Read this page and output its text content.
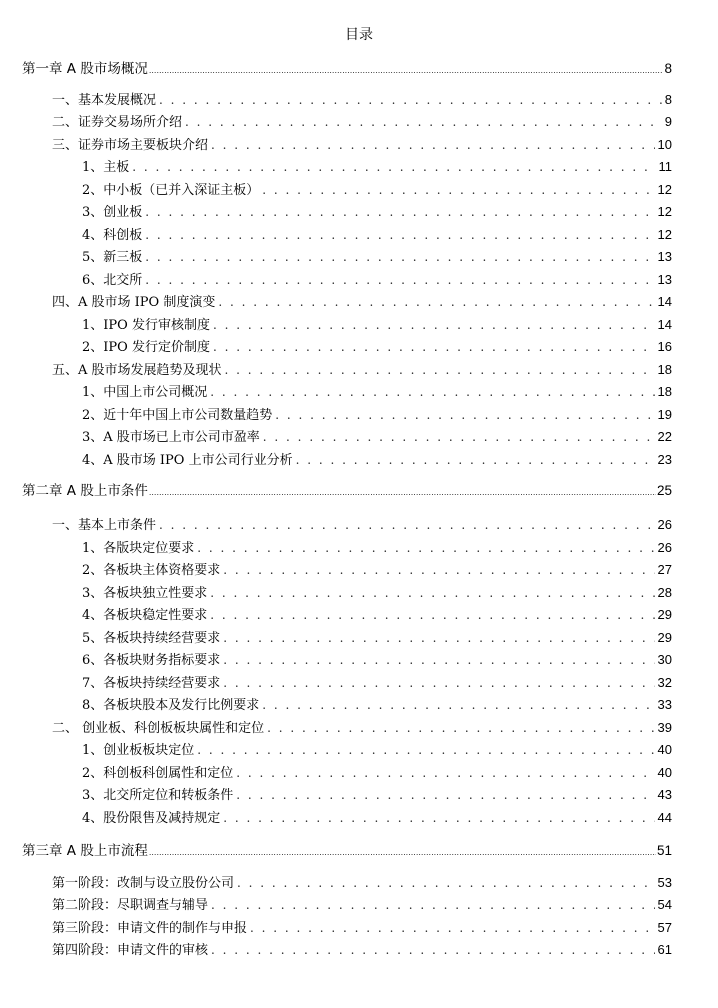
目录
第一章 A 股市场概况 .....	8
一、基本发展概况 . . .	8
二、证券交易场所介绍 . . .	9
三、证券市场主要板块介绍 . . .	10
1、主板 . . .	11
2、中小板（已并入深证主板） . . .	12
3、创业板 . . .	12
4、科创板 . . .	12
5、新三板 . . .	13
6、北交所 . . .	13
四、A 股市场 IPO 制度演变 . . .	14
1、IPO 发行审核制度 . . .	14
2、IPO 发行定价制度 . . .	16
五、A 股市场发展趋势及现状 . . .	18
1、中国上市公司概况 . . .	18
2、近十年中国上市公司数量趋势 . . .	19
3、A 股市场已上市公司市盈率 . . .	22
4、A 股市场 IPO 上市公司行业分析 . . .	23
第二章 A 股上市条件 .....	25
一、基本上市条件 . . .	26
1、各版块定位要求 . . .	26
2、各板块主体资格要求 . . .	27
3、各板块独立性要求 . . .	28
4、各板块稳定性要求 . . .	29
5、各板块持续经营要求 . . .	29
6、各板块财务指标要求 . . .	30
7、各板块持续经营要求 . . .	32
8、各板块股本及发行比例要求 . . .	33
二、 创业板、科创板板块属性和定位 . . .	39
1、创业板板块定位 . . .	40
2、科创板科创属性和定位 . . .	40
3、北交所定位和转板条件 . . .	43
4、股份限售及减持规定 . . .	44
第三章 A 股上市流程 .....	51
第一阶段：改制与设立股份公司 . . .	53
第二阶段：尽职调查与辅导 . . .	54
第三阶段：申请文件的制作与申报 . . .	57
第四阶段：申请文件的审核 . . .	61
